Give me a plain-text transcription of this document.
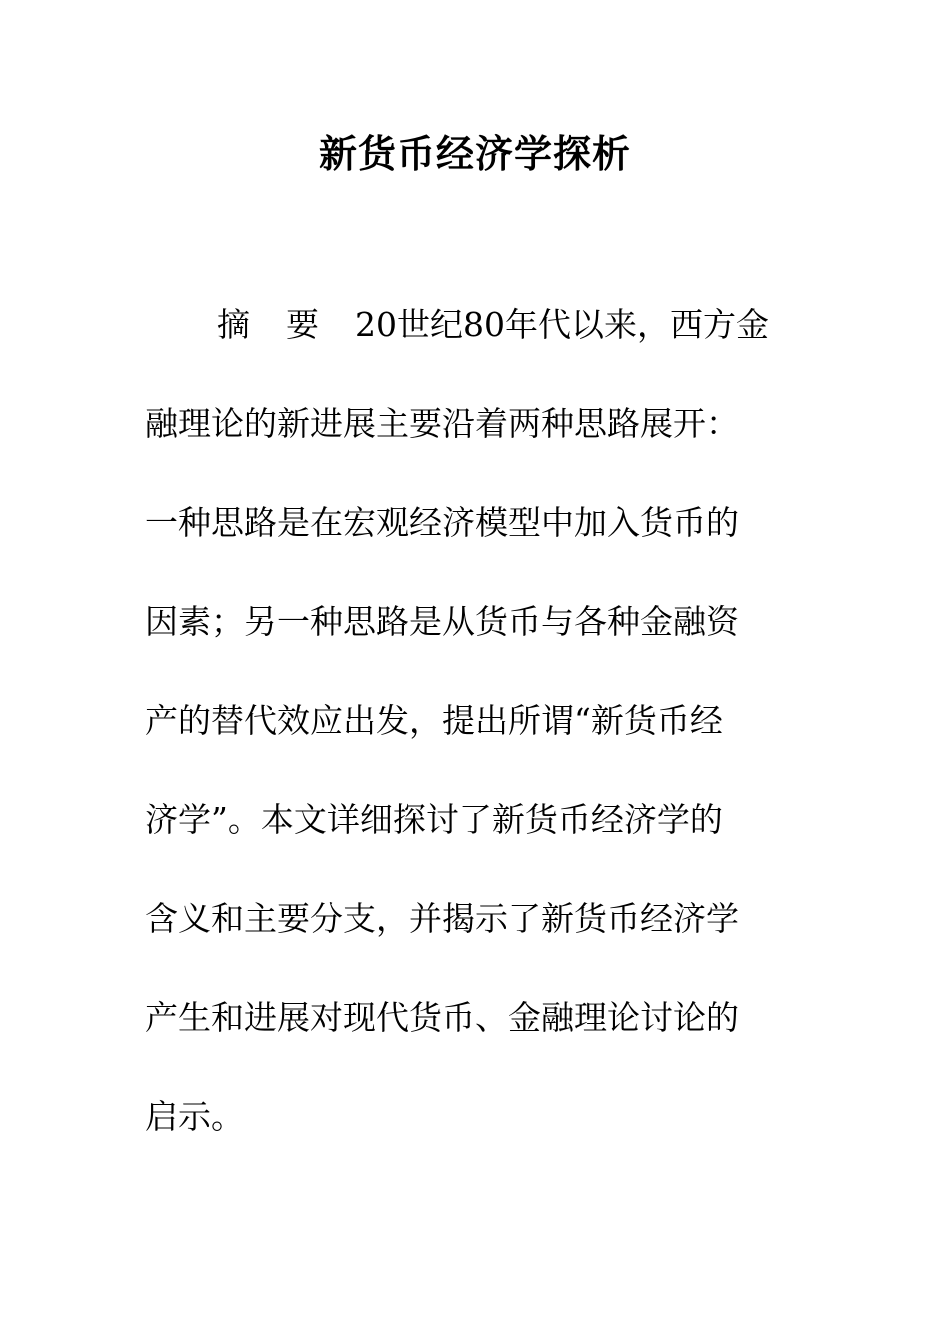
新货币经济学探析
摘 要 20世纪80年代以来，西方金
融理论的新进展主要沿着两种思路展开：
一种思路是在宏观经济模型中加入货币的
因素；另一种思路是从货币与各种金融资
产的替代效应出发，提出所谓“新货币经
济学”。本文详细探讨了新货币经济学的
含义和主要分支，并揭示了新货币经济学
产生和进展对现代货币、金融理论讨论的
启示。
